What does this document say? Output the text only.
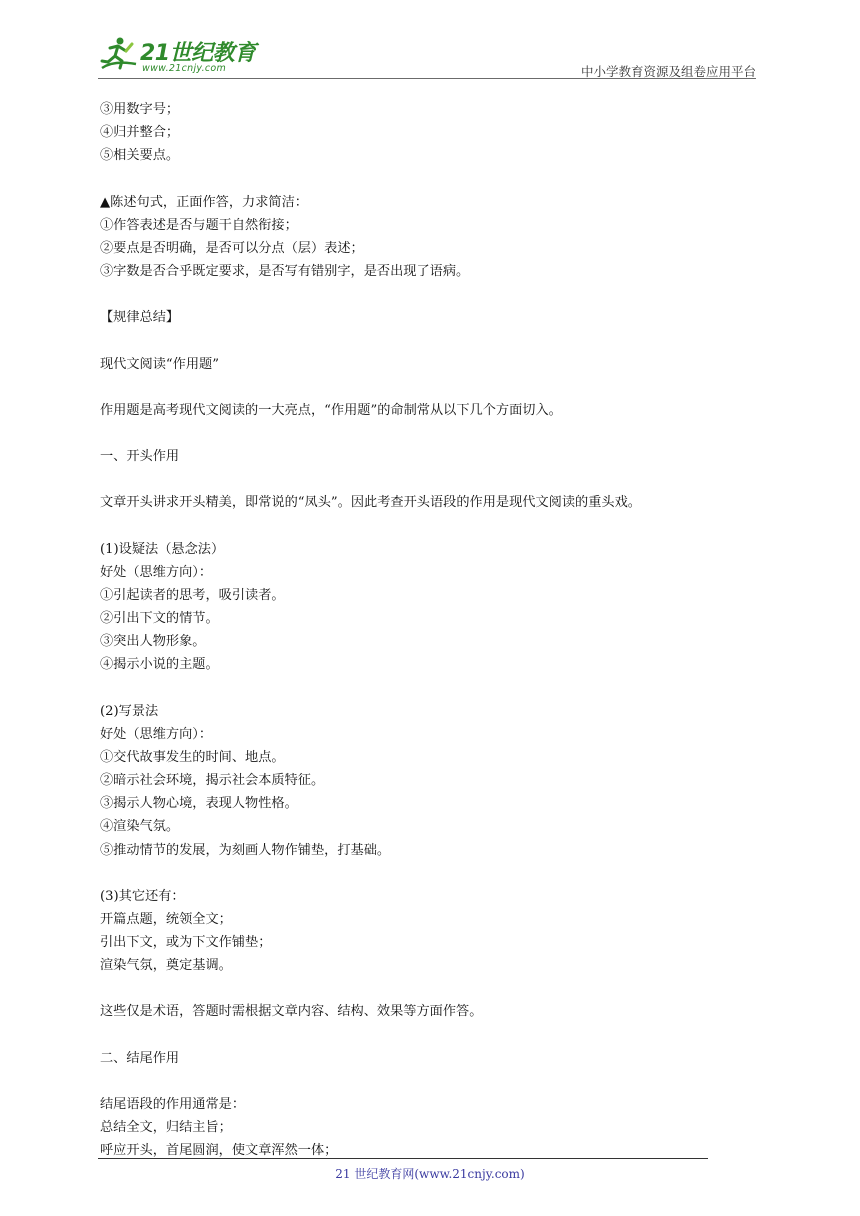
21世纪教育
www.21cnjy.com	中小学教育资源及组卷应用平台
③用数字号；
④归并整合；
⑤相关要点。
▲陈述句式，正面作答，力求简洁：
①作答表述是否与题干自然衔接；
②要点是否明确，是否可以分点（层）表述；
③字数是否合乎既定要求，是否写有错别字，是否出现了语病。
【规律总结】
现代文阅读“作用题”
作用题是高考现代文阅读的一大亮点，“作用题”的命制常从以下几个方面切入。
一、开头作用
文章开头讲求开头精美，即常说的“凤头”。因此考查开头语段的作用是现代文阅读的重头戏。
(1)设疑法（悬念法）
好处（思维方向）：
①引起读者的思考，吸引读者。
②引出下文的情节。
③突出人物形象。
④揭示小说的主题。
(2)写景法
好处（思维方向）：
①交代故事发生的时间、地点。
②暗示社会环境，揭示社会本质特征。
③揭示人物心境，表现人物性格。
④渲染气氛。
⑤推动情节的发展，为刻画人物作铺垫，打基础。
(3)其它还有：
开篇点题，统领全文；
引出下文，或为下文作铺垫；
渲染气氛，奠定基调。
这些仅是术语，答题时需根据文章内容、结构、效果等方面作答。
二、结尾作用
结尾语段的作用通常是：
总结全文，归结主旨；
呼应开头，首尾圆润，使文章浑然一体；
21 世纪教育网(www.21cnjy.com)
